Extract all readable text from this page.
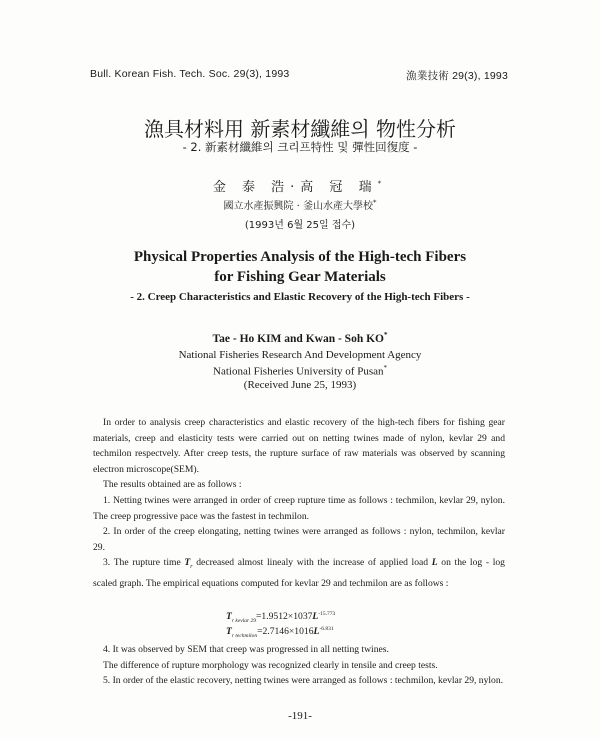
Bull. Korean Fish. Tech. Soc. 29(3), 1993	漁業技術 29(3), 1993
漁具材料用 新素材纖維의 物性分析
- 2. 新素材纖維의 크리프特性 및 彈性回復度 -
金 泰 浩·高 冠 瑞*
國立水產振興院 · 釜山水產大學校*
(1993년 6월 25일 접수)
Physical Properties Analysis of the High-tech Fibers
for Fishing Gear Materials
- 2. Creep Characteristics and Elastic Recovery of the High-tech Fibers -
Tae - Ho KIM and Kwan - Soh KO*
National Fisheries Research And Development Agency
National Fisheries University of Pusan*
(Received June 25, 1993)

In order to analysis creep characteristics and elastic recovery of the high-tech fibers for fishing gear materials, creep and elasticity tests were carried out on netting twines made of nylon, kevlar 29 and techmilon respectvely. After creep tests, the rupture surface of raw materials was observed by scanning electron microscope(SEM).

The results obtained are as follows :

1. Netting twines were arranged in order of creep rupture time as follows : techmilon, kevlar 29, nylon. The creep progressive pace was the fastest in techmilon.

2. In order of the creep elongating, netting twines were arranged as follows : nylon, techmilon, kevlar 29.

3. The rupture time $T_r$ decreased almost linealy with the increase of applied load L on the log - log scaled graph. The empirical equations computed for kevlar 29 and techmilon are as follows :

$T_{r kevlar 29}=1.9512\times 1037L^{-15.773}$
$T_{r techmilon}=2.7146\times 1016L^{-6.831}$

4. It was observed by SEM that creep was progressed in all netting twines.

The difference of rupture morphology was recognized clearly in tensile and creep tests.

5. In order of the elastic recovery, netting twines were arranged as follows : techmilon, kevlar 29, nylon.

-191-
